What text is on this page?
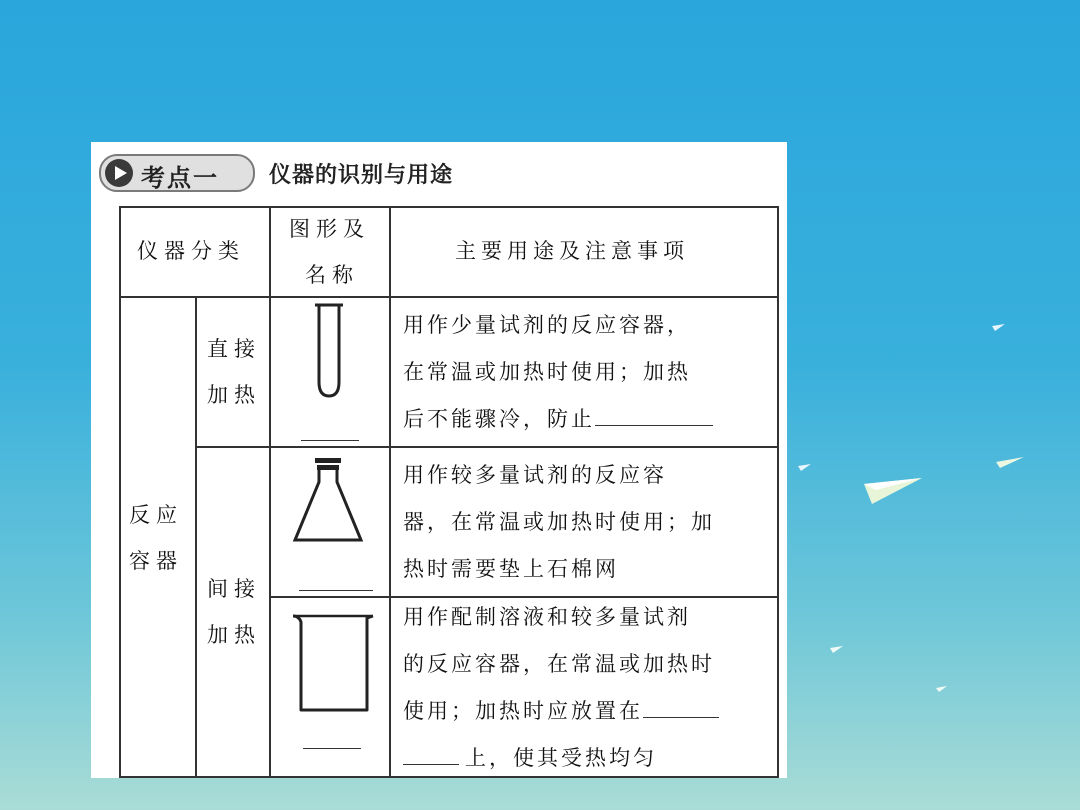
考点一 仪器的识别与用途
仪器分类
图形及
名称
主要用途及注意事项
反应
容器
直接
加热
间接
加热
用作少量试剂的反应容器，
在常温或加热时使用；加热
后不能骤冷，防止
用作较多量试剂的反应容
器，在常温或加热时使用；加
热时需要垫上石棉网
用作配制溶液和较多量试剂
的反应容器，在常温或加热时
使用；加热时应放置在
上，使其受热均匀
